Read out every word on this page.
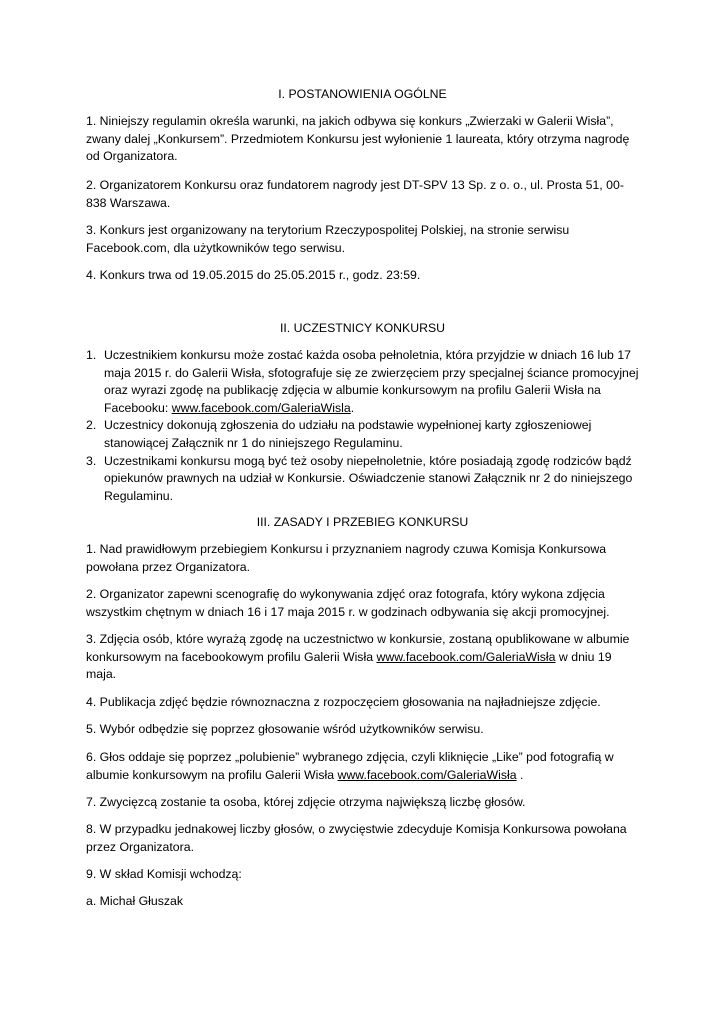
I. POSTANOWIENIA OGÓLNE
1. Niniejszy regulamin określa warunki, na jakich odbywa się konkurs „Zwierzaki w Galerii Wisła”, zwany dalej „Konkursem”. Przedmiotem Konkursu jest wyłonienie 1 laureata, który otrzyma nagrodę od Organizatora.
2. Organizatorem Konkursu oraz fundatorem nagrody jest DT-SPV 13 Sp. z o. o., ul. Prosta 51, 00-838 Warszawa.
3. Konkurs jest organizowany na terytorium Rzeczypospolitej Polskiej, na stronie serwisu Facebook.com, dla użytkowników tego serwisu.
4. Konkurs trwa od 19.05.2015 do 25.05.2015 r., godz. 23:59.
II. UCZESTNICY KONKURSU
1. Uczestnikiem konkursu może zostać każda osoba pełnoletnia, która przyjdzie w dniach 16 lub 17 maja 2015 r. do Galerii Wisła, sfotografuje się ze zwierzęciem przy specjalnej ściance promocyjnej oraz wyrazi zgodę na publikację zdjęcia w albumie konkursowym na profilu Galerii Wisła na Facebooku: www.facebook.com/GaleriaWisla.
2. Uczestnicy dokonują zgłoszenia do udziału na podstawie wypełnionej karty zgłoszeniowej stanowiącej Załącznik nr 1 do niniejszego Regulaminu.
3. Uczestnikami konkursu mogą być też osoby niepełnoletnie, które posiadają zgodę rodziców bądź opiekunów prawnych na udział w Konkursie. Oświadczenie stanowi Załącznik nr 2 do niniejszego Regulaminu.
III. ZASADY I PRZEBIEG KONKURSU
1. Nad prawidłowym przebiegiem Konkursu i przyznaniem nagrody czuwa Komisja Konkursowa powołana przez Organizatora.
2. Organizator zapewni scenografię do wykonywania zdjęć oraz fotografa, który wykona zdjęcia wszystkim chętnym w dniach 16 i 17 maja 2015 r. w godzinach odbywania się akcji promocyjnej.
3. Zdjęcia osób, które wyrażą zgodę na uczestnictwo w konkursie, zostaną opublikowane w albumie konkursowym na facebookowym profilu Galerii Wisła www.facebook.com/GaleriaWisła w dniu 19 maja.
4. Publikacja zdjęć będzie równoznaczna z rozpoczęciem głosowania na najładniejsze zdjęcie.
5. Wybór odbędzie się poprzez głosowanie wśród użytkowników serwisu.
6. Głos oddaje się poprzez „polubienie” wybranego zdjęcia, czyli kliknięcie „Like” pod fotografią w albumie konkursowym na profilu Galerii Wisła www.facebook.com/GaleriaWisła .
7. Zwycięzcą zostanie ta osoba, której zdjęcie otrzyma największą liczbę głosów.
8. W przypadku jednakowej liczby głosów, o zwycięstwie zdecyduje Komisja Konkursowa powołana przez Organizatora.
9. W skład Komisji wchodzą:
a. Michał Głuszak
